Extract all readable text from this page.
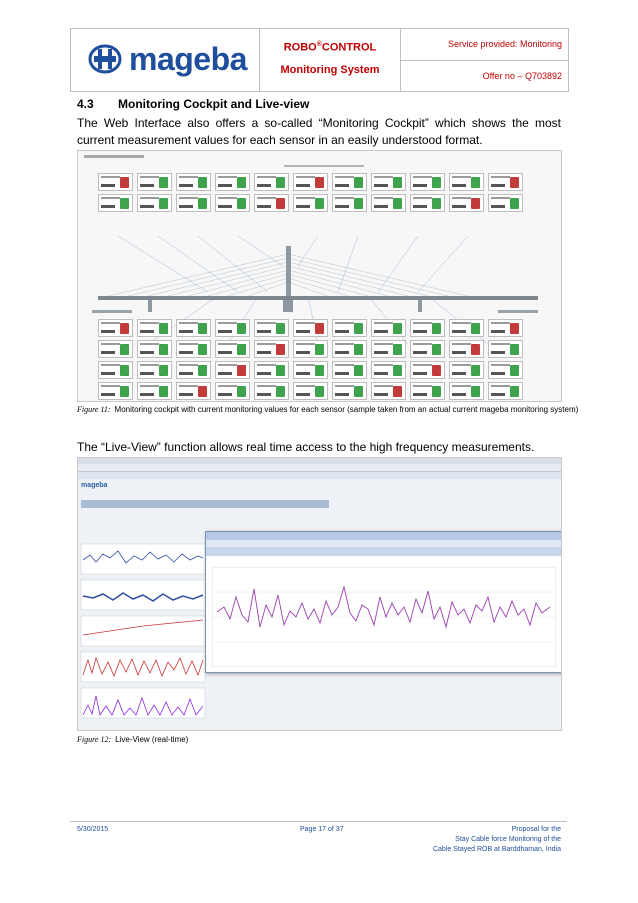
mageba	ROBO®CONTROL
Monitoring System
Service provided: Monitoring
Offer no – Q703892
4.3 Monitoring Cockpit and Live-view
The Web Interface also offers a so-called “Monitoring Cockpit” which shows the most current measurement values for each sensor in an easily understood format.
Figure 11: Monitoring cockpit with current monitoring values for each sensor (sample taken from an actual current mageba monitoring system)
The “Live-View” function allows real time access to the high frequency measurements.
mageba
Figure 12: Live-View (real-time)
5/30/2015	Page 17 of 37	Proposal for the
Stay Cable force Monitoring of the
Cable Stayed ROB at Barddhaman, India
